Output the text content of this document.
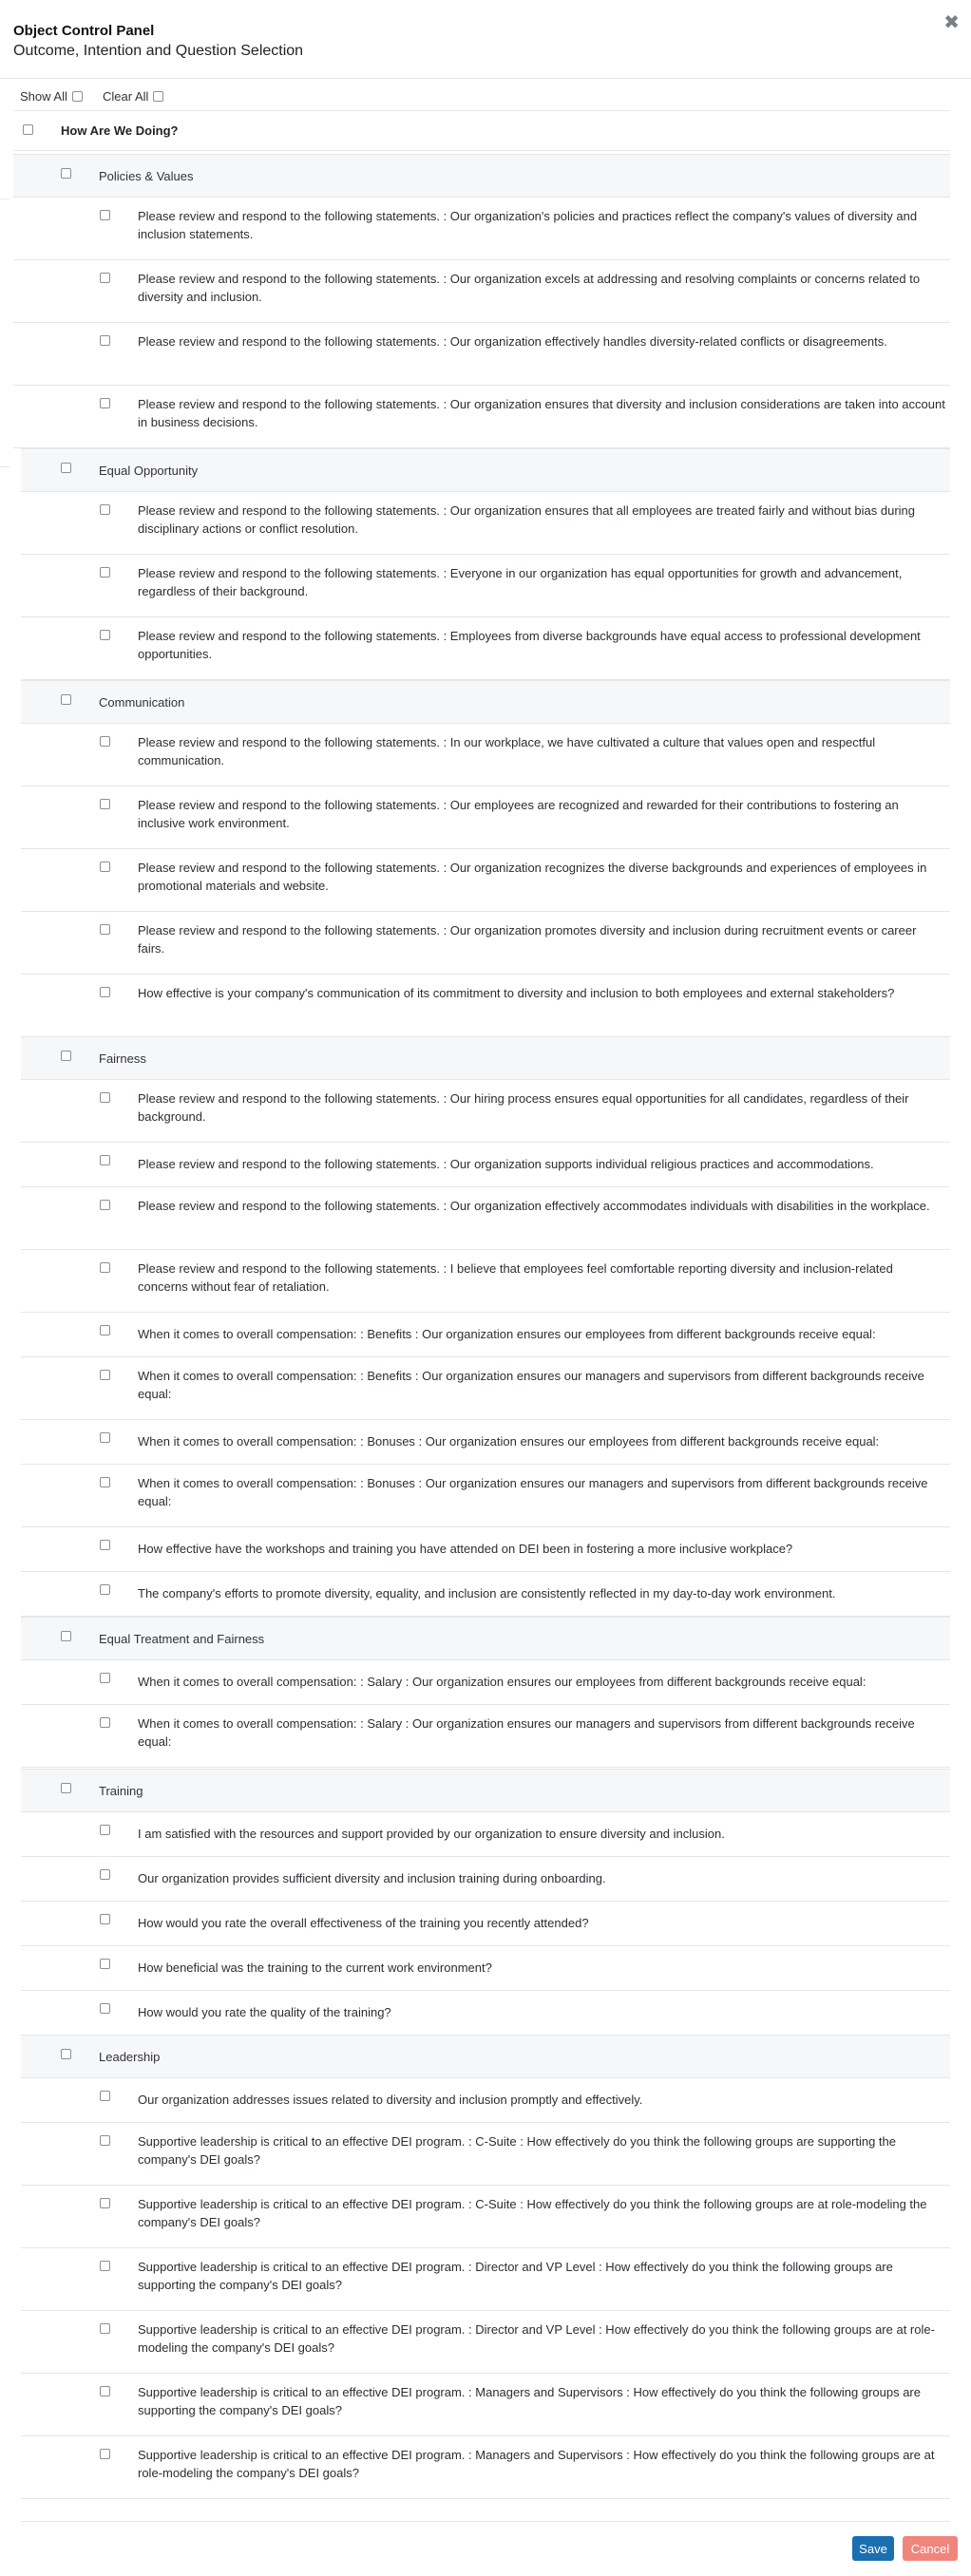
Object Control Panel
Outcome, Intention and Question Selection
✖
Show All	Clear All
How Are We Doing?
Policies & Values
Please review and respond to the following statements. : Our organization's policies and practices reflect the company's values of diversity and inclusion statements.
Please review and respond to the following statements. : Our organization excels at addressing and resolving complaints or concerns related to diversity and inclusion.
Please review and respond to the following statements. : Our organization effectively handles diversity-related conflicts or disagreements.
Please review and respond to the following statements. : Our organization ensures that diversity and inclusion considerations are taken into account in business decisions.
Equal Opportunity
Please review and respond to the following statements. : Our organization ensures that all employees are treated fairly and without bias during disciplinary actions or conflict resolution.
Please review and respond to the following statements. : Everyone in our organization has equal opportunities for growth and advancement, regardless of their background.
Please review and respond to the following statements. : Employees from diverse backgrounds have equal access to professional development opportunities.
Communication
Please review and respond to the following statements. : In our workplace, we have cultivated a culture that values open and respectful communication.
Please review and respond to the following statements. : Our employees are recognized and rewarded for their contributions to fostering an inclusive work environment.
Please review and respond to the following statements. : Our organization recognizes the diverse backgrounds and experiences of employees in promotional materials and website.
Please review and respond to the following statements. : Our organization promotes diversity and inclusion during recruitment events or career fairs.
How effective is your company's communication of its commitment to diversity and inclusion to both employees and external stakeholders?
Fairness
Please review and respond to the following statements. : Our hiring process ensures equal opportunities for all candidates, regardless of their background.
Please review and respond to the following statements. : Our organization supports individual religious practices and accommodations.
Please review and respond to the following statements. : Our organization effectively accommodates individuals with disabilities in the workplace.
Please review and respond to the following statements. : I believe that employees feel comfortable reporting diversity and inclusion-related concerns without fear of retaliation.
When it comes to overall compensation: : Benefits : Our organization ensures our employees from different backgrounds receive equal:
When it comes to overall compensation: : Benefits : Our organization ensures our managers and supervisors from different backgrounds receive equal:
When it comes to overall compensation: : Bonuses : Our organization ensures our employees from different backgrounds receive equal:
When it comes to overall compensation: : Bonuses : Our organization ensures our managers and supervisors from different backgrounds receive equal:
How effective have the workshops and training you have attended on DEI been in fostering a more inclusive workplace?
The company's efforts to promote diversity, equality, and inclusion are consistently reflected in my day-to-day work environment.
Equal Treatment and Fairness
When it comes to overall compensation: : Salary : Our organization ensures our employees from different backgrounds receive equal:
When it comes to overall compensation: : Salary : Our organization ensures our managers and supervisors from different backgrounds receive equal:
Training
I am satisfied with the resources and support provided by our organization to ensure diversity and inclusion.
Our organization provides sufficient diversity and inclusion training during onboarding.
How would you rate the overall effectiveness of the training you recently attended?
How beneficial was the training to the current work environment?
How would you rate the quality of the training?
Leadership
Our organization addresses issues related to diversity and inclusion promptly and effectively.
Supportive leadership is critical to an effective DEI program. : C-Suite : How effectively do you think the following groups are supporting the company's DEI goals?
Supportive leadership is critical to an effective DEI program. : C-Suite : How effectively do you think the following groups are at role-modeling the company's DEI goals?
Supportive leadership is critical to an effective DEI program. : Director and VP Level : How effectively do you think the following groups are supporting the company's DEI goals?
Supportive leadership is critical to an effective DEI program. : Director and VP Level : How effectively do you think the following groups are at role-modeling the company's DEI goals?
Supportive leadership is critical to an effective DEI program. : Managers and Supervisors : How effectively do you think the following groups are supporting the company's DEI goals?
Supportive leadership is critical to an effective DEI program. : Managers and Supervisors : How effectively do you think the following groups are at role-modeling the company's DEI goals?
Save	Cancel
